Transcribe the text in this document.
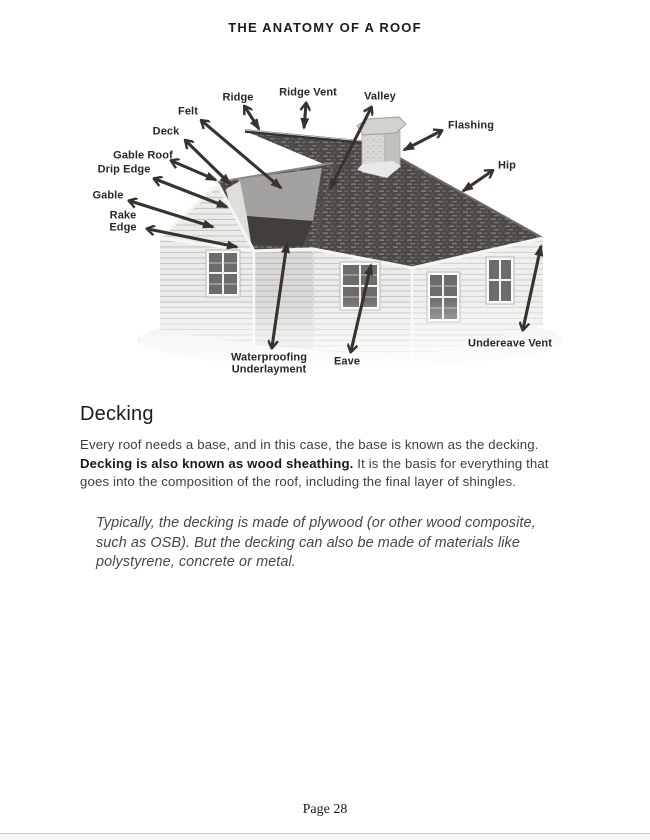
THE ANATOMY OF A ROOF
Ridge Ridge Vent Valley
Flashing
Hip
Felt
Deck
Gable Roof
Drip Edge
Gable
Rake
Edge
Waterproofing
Underlayment
Eave
Undereave Vent
Decking
Every roof needs a base, and in this case, the base is known as the decking. Decking is also known as wood sheathing. It is the basis for everything that goes into the composition of the roof, including the final layer of shingles.
Typically, the decking is made of plywood (or other wood composite, such as OSB). But the decking can also be made of materials like polystyrene, concrete or metal.
Page 28
